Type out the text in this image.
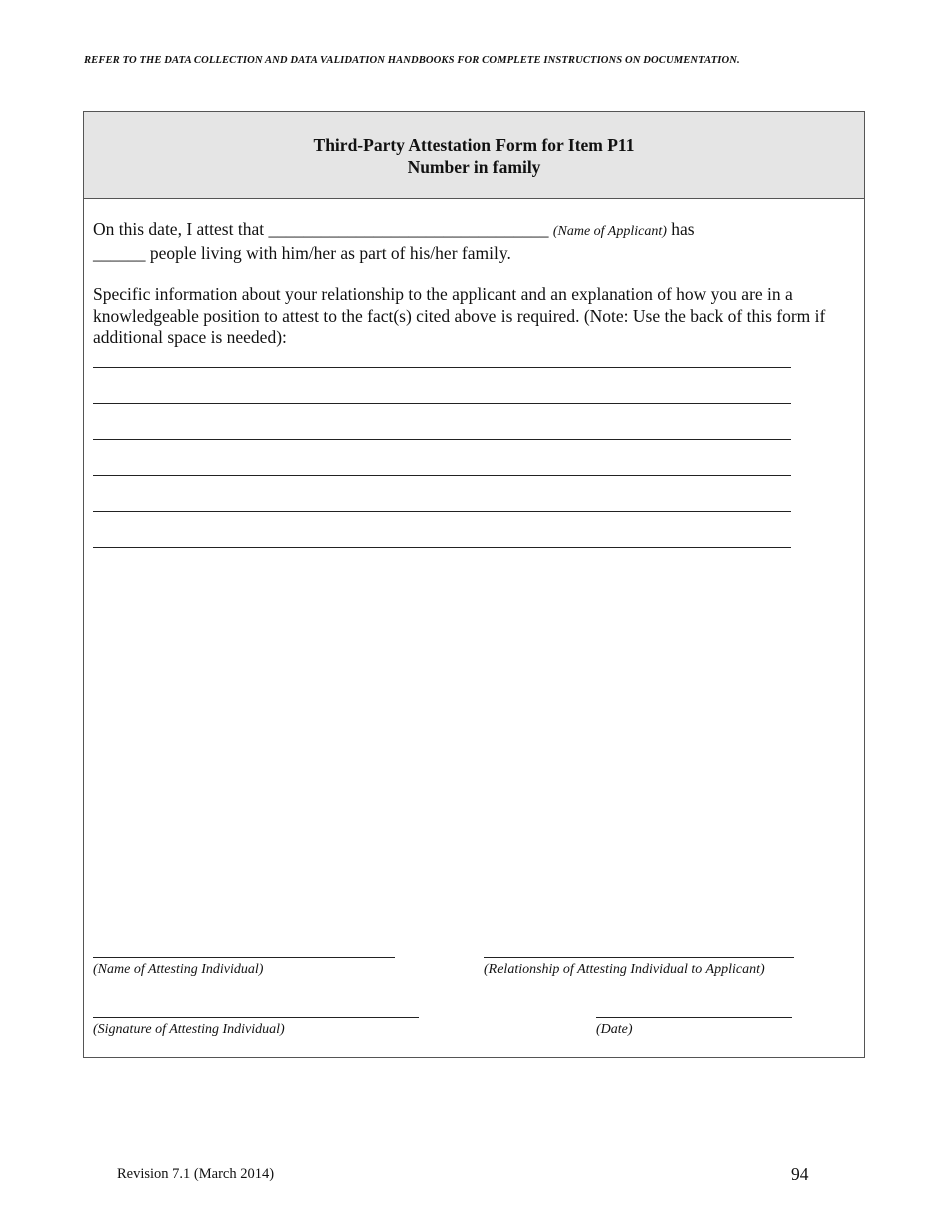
REFER TO THE DATA COLLECTION AND DATA VALIDATION HANDBOOKS FOR COMPLETE INSTRUCTIONS ON DOCUMENTATION.
Third-Party Attestation Form for Item P11
Number in family
On this date, I attest that ________________________________ (Name of Applicant) has
______ people living with him/her as part of his/her family.
Specific information about your relationship to the applicant and an explanation of how you are in a knowledgeable position to attest to the fact(s) cited above is required. (Note: Use the back of this form if additional space is needed):
(Name of Attesting Individual)	(Relationship of Attesting Individual to Applicant)
(Signature of Attesting Individual)	(Date)
Revision 7.1 (March 2014)	94
